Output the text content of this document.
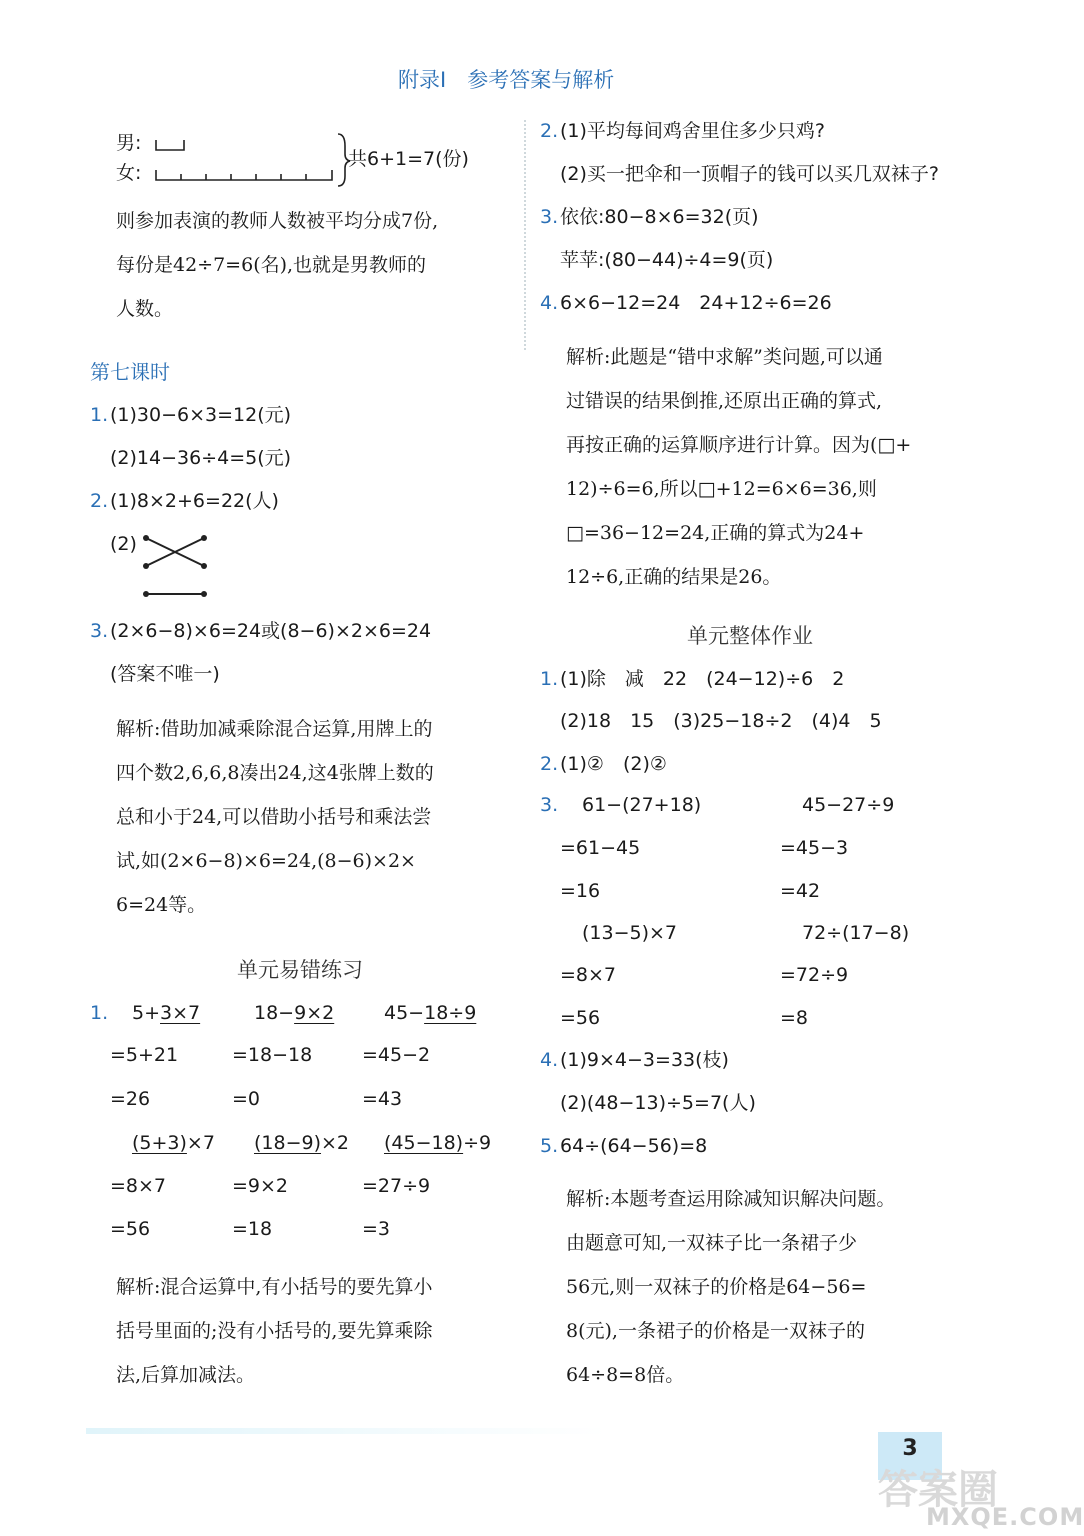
附录Ⅰ　参考答案与解析
男:
女:
共6+1=7(份)
则参加表演的教师人数被平均分成7份,
每份是42÷7=6(名),也就是男教师的
人数。
第七课时
1. (1)30−6×3=12(元)
(2)14−36÷4=5(元)
2. (1)8×2+6=22(人)
(2)
3. (2×6−8)×6=24或(8−6)×2×6=24
(答案不唯一)
解析:借助加减乘除混合运算,用牌上的
四个数2,6,6,8凑出24,这4张牌上数的
总和小于24,可以借助小括号和乘法尝
试,如(2×6−8)×6=24,(8−6)×2×
6=24等。
单元易错练习
1. 5+3×7	18−9×2	45−18÷9
=5+21	=18−18	=45−2
=26	=0	=43
(5+3)×7 (18−9)×2 (45−18)÷9
=8×7	=9×2	=27÷9
=56	=18	=3
解析:混合运算中,有小括号的要先算小
括号里面的;没有小括号的,要先算乘除
法,后算加减法。
2. (1)平均每间鸡舍里住多少只鸡?
(2)买一把伞和一顶帽子的钱可以买几双袜子?
3. 依依:80−8×6=32(页)
苹苹:(80−44)÷4=9(页)
4. 6×6−12=24　24+12÷6=26
解析:此题是“错中求解”类问题,可以通
过错误的结果倒推,还原出正确的算式,
再按正确的运算顺序进行计算。因为(□+
12)÷6=6,所以□+12=6×6=36,则
□=36−12=24,正确的算式为24+
12÷6,正确的结果是26。
单元整体作业
1. (1)除　减　22　(24−12)÷6　2
(2)18　15　(3)25−18÷2　(4)4　5
2. (1)②　(2)②
3. 61−(27+18)	45−27÷9
=61−45	=45−3
=16	=42
(13−5)×7	72÷(17−8)
=8×7	=72÷9
=56	=8
4. (1)9×4−3=33(枝)
(2)(48−13)÷5=7(人)
5. 64÷(64−56)=8
解析:本题考查运用除减知识解决问题。
由题意可知,一双袜子比一条裙子少
56元,则一双袜子的价格是64−56=
8(元),一条裙子的价格是一双袜子的
64÷8=8倍。
3
答案圈
MXQE.COM
